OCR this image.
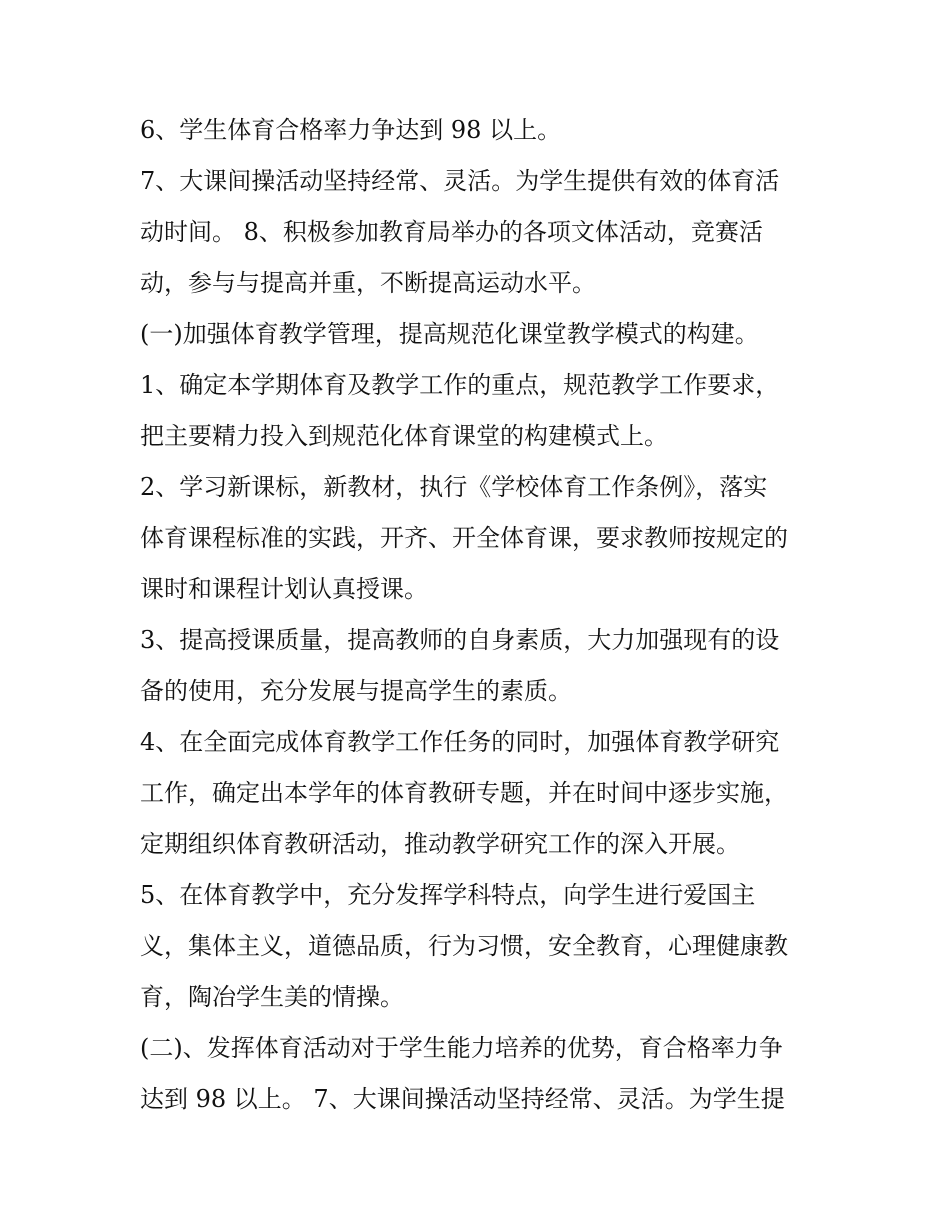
6、学生体育合格率力争达到 98 以上。
7、大课间操活动坚持经常、灵活。为学生提供有效的体育活
动时间。 8、积极参加教育局举办的各项文体活动，竞赛活
动，参与与提高并重，不断提高运动水平。
(一)加强体育教学管理，提高规范化课堂教学模式的构建。
1、确定本学期体育及教学工作的重点，规范教学工作要求，
把主要精力投入到规范化体育课堂的构建模式上。
2、学习新课标，新教材，执行《学校体育工作条例》，落实
体育课程标准的实践，开齐、开全体育课，要求教师按规定的
课时和课程计划认真授课。
3、提高授课质量，提高教师的自身素质，大力加强现有的设
备的使用，充分发展与提高学生的素质。
4、在全面完成体育教学工作任务的同时，加强体育教学研究
工作，确定出本学年的体育教研专题，并在时间中逐步实施，
定期组织体育教研活动，推动教学研究工作的深入开展。
5、在体育教学中，充分发挥学科特点，向学生进行爱国主
义，集体主义，道德品质，行为习惯，安全教育，心理健康教
育，陶冶学生美的情操。
(二)、发挥体育活动对于学生能力培养的优势，育合格率力争
达到 98 以上。 7、大课间操活动坚持经常、灵活。为学生提
